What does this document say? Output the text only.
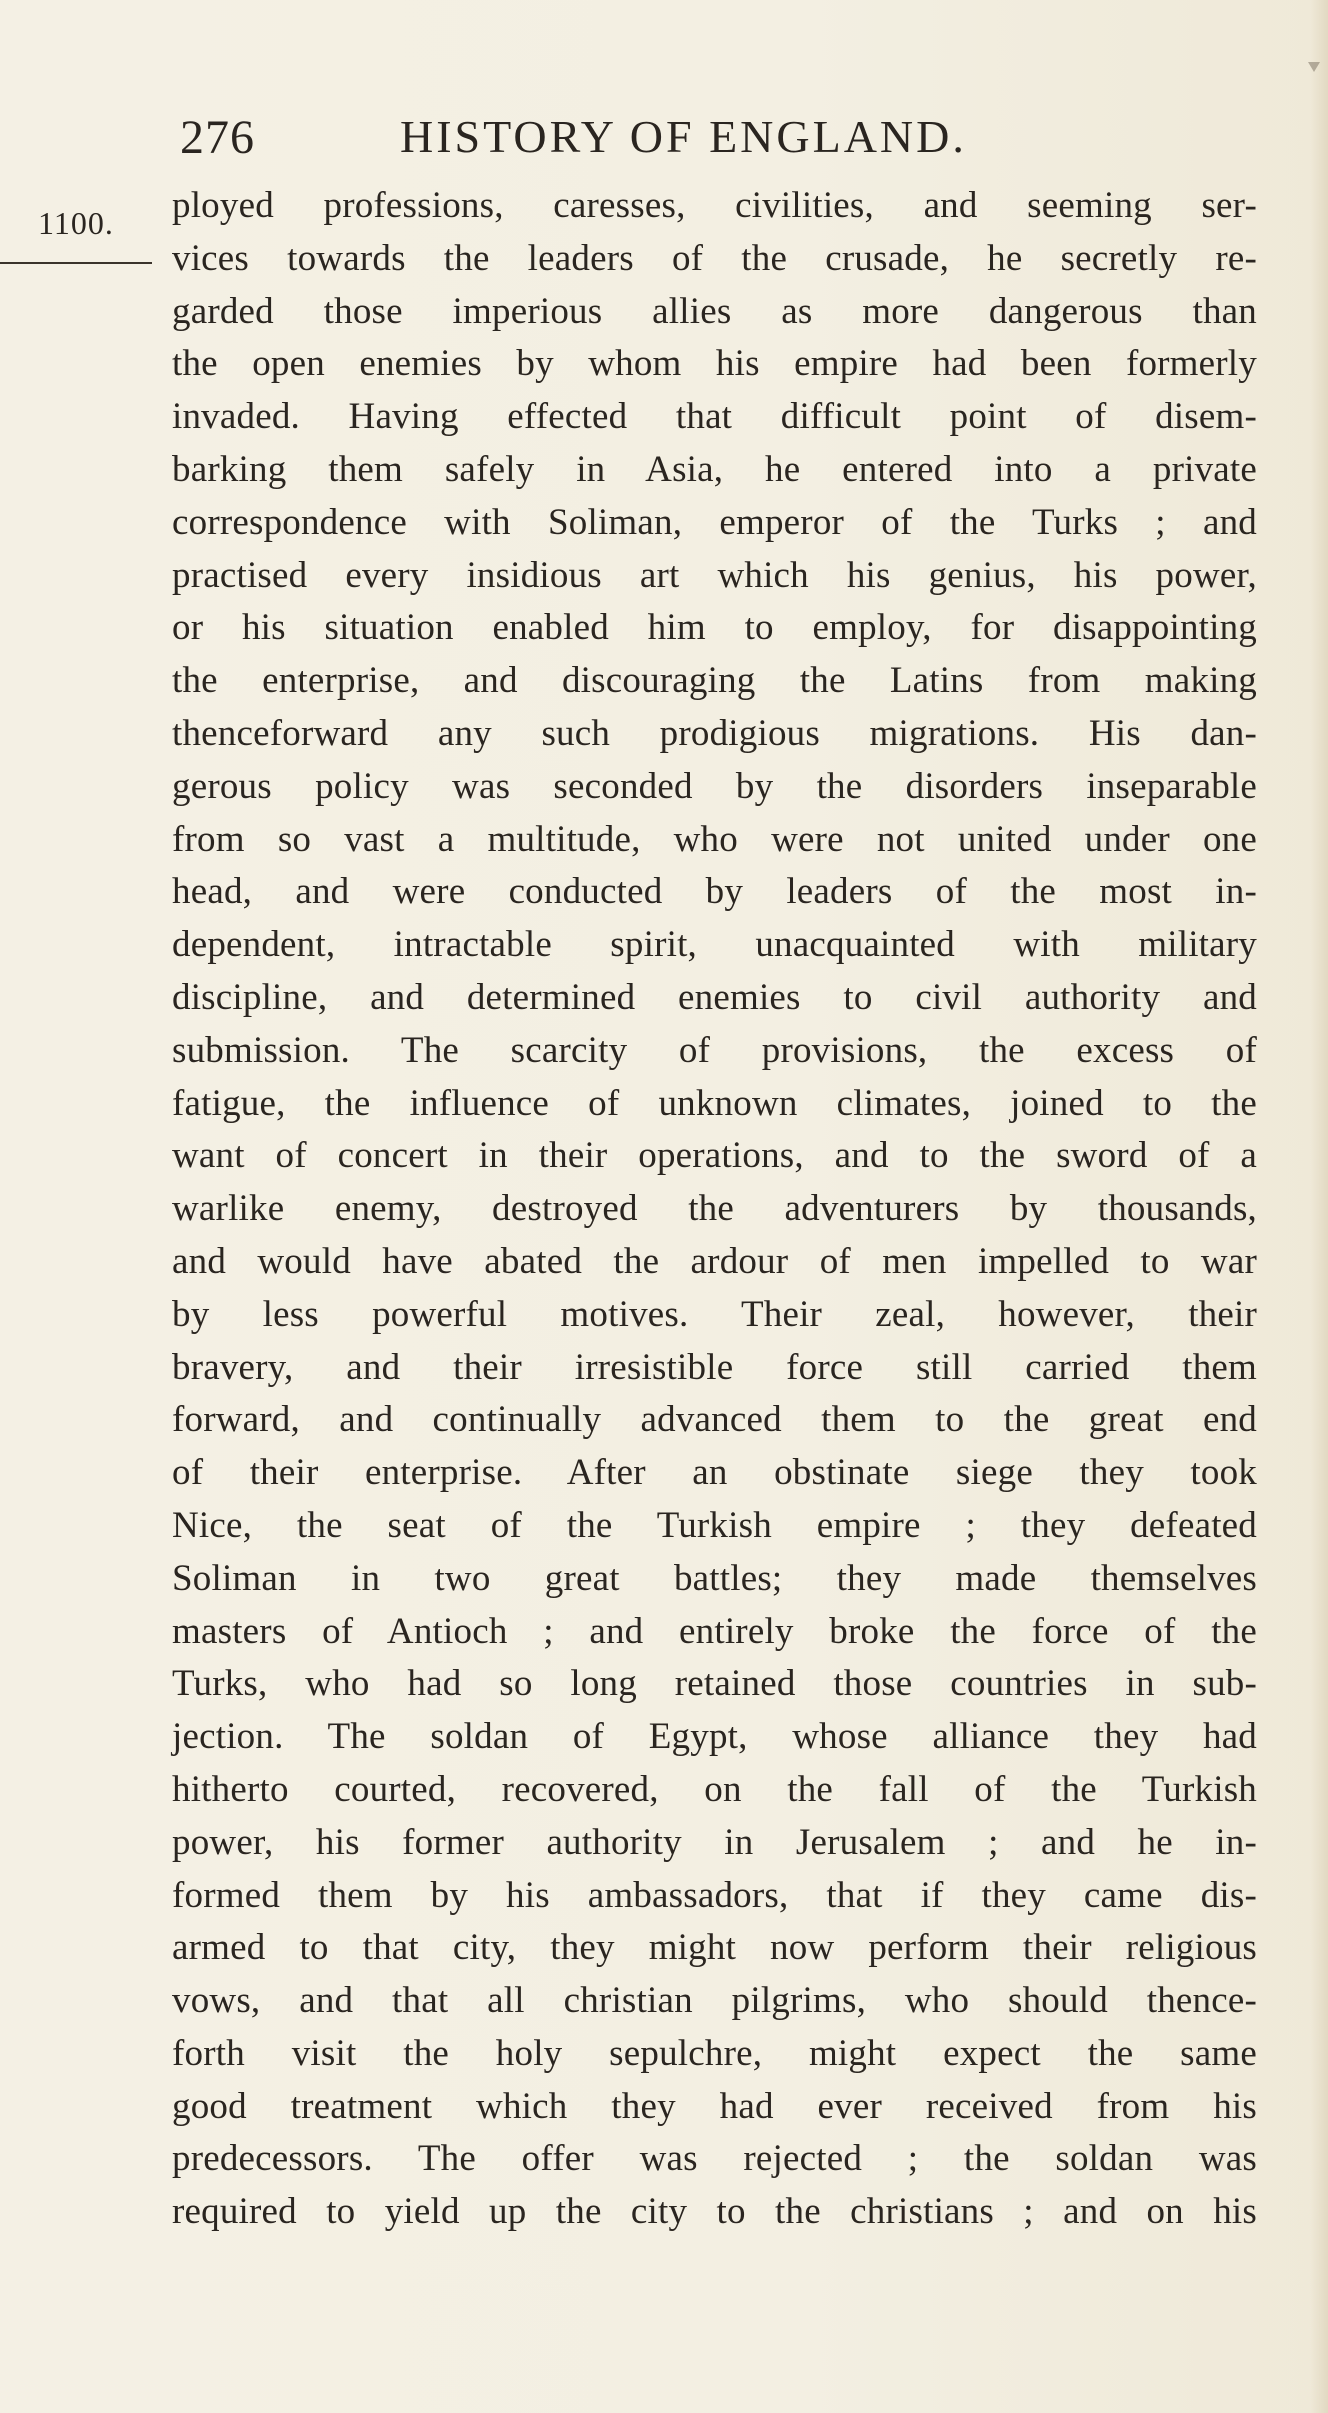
276	HISTORY OF ENGLAND.
1100. ployed professions, caresses, civilities, and seeming ser-
vices towards the leaders of the crusade, he secretly re-
garded those imperious allies as more dangerous than
the open enemies by whom his empire had been formerly
invaded. Having effected that difficult point of disem-
barking them safely in Asia, he entered into a private
correspondence with Soliman, emperor of the Turks ; and
practised every insidious art which his genius, his power,
or his situation enabled him to employ, for disappointing
the enterprise, and discouraging the Latins from making
thenceforward any such prodigious migrations. His dan-
gerous policy was seconded by the disorders inseparable
from so vast a multitude, who were not united under one
head, and were conducted by leaders of the most in-
dependent, intractable spirit, unacquainted with military
discipline, and determined enemies to civil authority and
submission. The scarcity of provisions, the excess of
fatigue, the influence of unknown climates, joined to the
want of concert in their operations, and to the sword of a
warlike enemy, destroyed the adventurers by thousands,
and would have abated the ardour of men impelled to war
by less powerful motives. Their zeal, however, their
bravery, and their irresistible force still carried them
forward, and continually advanced them to the great end
of their enterprise. After an obstinate siege they took
Nice, the seat of the Turkish empire ; they defeated
Soliman in two great battles; they made themselves
masters of Antioch ; and entirely broke the force of the
Turks, who had so long retained those countries in sub-
jection. The soldan of Egypt, whose alliance they had
hitherto courted, recovered, on the fall of the Turkish
power, his former authority in Jerusalem ; and he in-
formed them by his ambassadors, that if they came dis-
armed to that city, they might now perform their religious
vows, and that all christian pilgrims, who should thence-
forth visit the holy sepulchre, might expect the same
good treatment which they had ever received from his
predecessors. The offer was rejected ; the soldan was
required to yield up the city to the christians ; and on his
